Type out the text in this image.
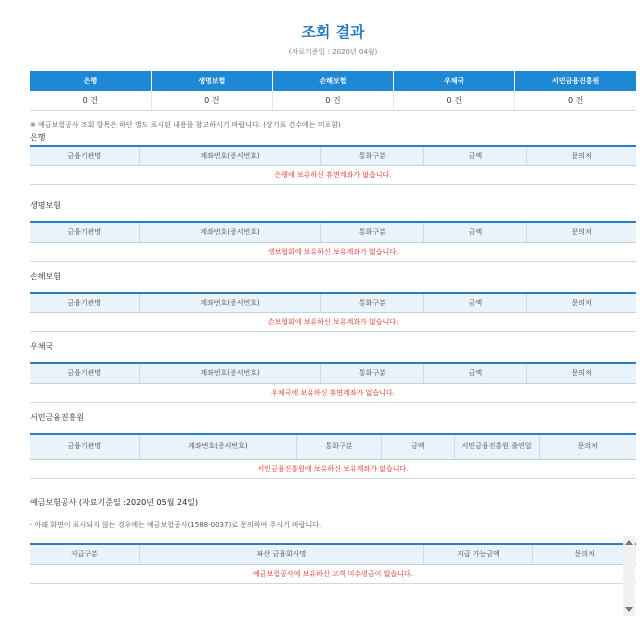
조회 결과
(자료기준일 : 2020년 04월)
은행	생명보험	손해보험	우체국	서민금융진흥원
0 건	0 건	0 건	0 건	0 건
※ 예금보험공사 조회 항목은 하단 별도 표시된 내용을 참고하시기 바랍니다. (상기표 건수에는 미포함)
은행
금융기관명	계좌번호(증서번호)	통화구분	금액	문의처
은행에 보유하신 휴면계좌가 없습니다.
생명보험
금융기관명	계좌번호(증서번호)	통화구분	금액	문의처
생보협회에 보유하신 보유계좌가 없습니다.
손해보험
금융기관명	계좌번호(증서번호)	통화구분	금액	문의처
손보협회에 보유하신 보유계좌가 없습니다.
우체국
금융기관명	계좌번호(증서번호)	통화구분	금액	문의처
우체국에 보유하신 휴면계좌가 없습니다.
서민금융진흥원
금융기관명	계좌번호(증서번호)	통화구분	금액	서민금융진흥원 출연일	문의처
서민금융진흥원에 보유하신 보유계좌가 없습니다.
예금보험공사 (자료기준일 :2020년 05월 24일)
· 아래 화면이 표시되지 않는 경우에는 예금보험공사(1588-0037)로 문의하여 주시기 바랍니다.
지급구분	파산 금융회사명	지급 가능금액	문의처
예금보험공사에 보유하신 고객 미수령금이 없습니다.
